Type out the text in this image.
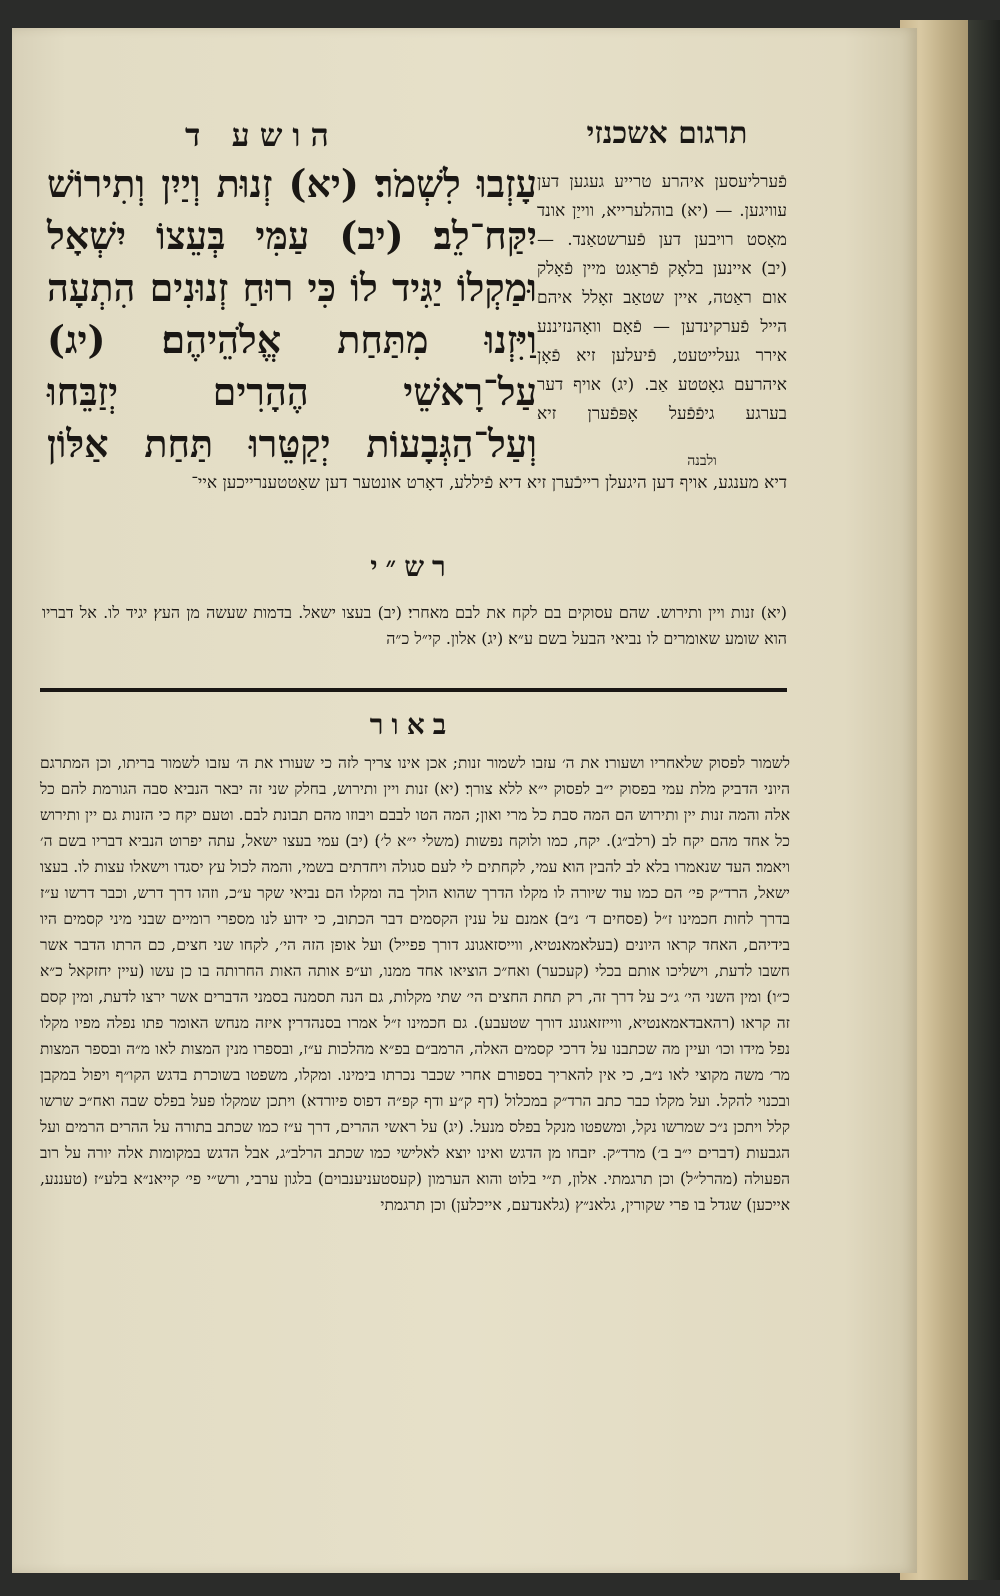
הושע ד	תרגום אשכנזי
עָזְבוּ לִשְׁמֹר׃ (יא) זְנוּת וְיַיִן וְתִירוֹשׁ יִקַּח־לֵב׃ (יב) עַמִּי בְּעֵצוֹ יִשְׁאָל וּמַקְלוֹ יַגִּיד לוֹ כִּי רוּחַ זְנוּנִים הִתְעָה וַיִּזְנוּ מִתַּחַת אֱלֹהֵיהֶם׃ (יג) עַל־רָאשֵׁי הֶהָרִים יְזַבֵּחוּ וְעַל־הַגְּבָעוֹת יְקַטֵּרוּ תַּחַת אַלּוֹן
פֿערליעסען איהרע טרייע געגען דען עוויגען. — (יא) בוהלערייא, ווייַן אונד מאָסט רויבען דען פֿערשטאַנד. — (יב) איינען בלאָק פֿראַגט מיין פֿאָלק אום ראַטה, איין שטאַב זאָלל איהם הייל פֿערקינדען — פֿאָם וואָהנזיננע אירר געלייטעט, פֿיעלען זיא פֿאָן איהרעם גאָטטע אַב. (יג) אויף דער בערגע גיפֿפֿעל אָפּפֿערן זיא
ולבנה
דיא מענגע, אויף דען היגעלן רייכֿערן זיא דיא פֿיללע, דאָרט אונטער דען שאַטטענרייכען איי־
רש״י
(יא) זנות ויין ותירוש. שהם עסוקים בם לקח את לבם מאחרי׃ (יב) בעצו ישאל. בדמות שעשה מן העץ׃ יגיד לו. אל דבריו הוא שומע שאומרים לו נביאי הבעל בשם ע״א׃ (יג) אלון. קי״ל כ״ה
באור
לשמור לפסוק שלאחריו ושעורו׃ את ה׳ עזבו לשמור זנות; אכן אינו צריך לזה כי שעורו׃ את ה׳ עזבו לשמור בריתו, וכן המתרגם היוני הדביק מלת עמי בפסוק י״ב לפסוק י״א ללא צורך׃ (יא) זנות ויין ותירוש, בחלק שני זה יבאר הנביא סבה הגורמת להם כל אלה והמה זנות יין ותירוש הם המה סבת כל מרי ואון; המה הטו לבבם ויבוזו מהם תבונת לבם. וטעם יקח כי הזנות גם יין ותירוש כל אחד מהם יקח לב (רלב״ג). יקח, כמו ולוקח נפשות (משלי י״א ל׳)׃ (יב) עמי בעצו ישאל, עתה יפרוט הנביא דבריו בשם ה׳ ויאמר׃ העד שנאמרו בלא לב להבין הוא׃ עמי, לקחתים לי לעם סגולה ויחדתים בשמי, והמה לכול עץ יסגדו וישאלו עצות לו. בעצו ישאל, הרד״ק פי׳ הם כמו עוד שיורה לו מקלו הדרך שהוא הולך בה ומקלו הם נביאי שקר ע״כ, וזהו דרך דרש, וכבר דרשו ע״ז בדרך לחות חכמינו ז״ל (פסחים ד׳ נ״ב)׃ אמנם על ענין הקסמים דבר הכתוב, כי ידוע לנו מספרי רומיים שבני מיני קסמים היו בידיהם, האחד קראו היונים (בעלאמאנטיא, ווייסזאגונג דורך פפייל) ועל אופן הזה הי׳, לקחו שני חצים, כם הרתו הדבר אשר חשבו לדעת, וישליכו אותם בכלי (קעכער) ואח״כ הוציאו אחד ממנו, וע״פ אותה האות החרותה בו כן עשו (עיין יחזקאל כ״א כ״ו)׃ ומין השני הי׳ ג״כ על דרך זה, רק תחת החצים הי׳ שתי מקלות, גם הנה תסמנה בסמני הדברים אשר ירצו לדעת, ומין קסם זה קראו (רהאבדאמאנטיא, ווייזזאגונג דורך שטעבע). גם חכמינו ז״ל אמרו בסנהדרין׃ איזה מנחש האומר פתו נפלה מפיו מקלו נפל מידו וכו׳ ועיין מה שכתבנו על דרכי קסמים האלה, הרמב״ם בפ״א מהלכות ע״ז, ובספרו מנין המצות לאו מ״ה ובספר המצות מר׳ משה מקוצי לאו נ״ב, כי אין להאריך בספורם אחרי שכבר נכרתו בימינו. ומקלו, משפטו בשוכרת בדגש הקו״ף ויפול במקבן ובכנוי להקל. ועל מקלו כבר כתב הרד״ק במכלול (דף ק״ע ודף קפ״ה דפוס פיורדא) ויתכן שמקלו פעל בפלס שבה ואח״כ שרשו קלל ויתכן נ״כ שמרשו נקל, ומשפטו מנקל בפלס מנעל. (יג) על ראשי ההרים, דרך ע״ז כמו שכתב בתורה על ההרים הרמים ועל הגבעות (דברים י״ב ב׳) מרד״ק. יזבחו מן הדגש ואינו יוצא לאלישי כמו שכתב הרלב״ג, אבל הדגש במקומות אלה יורה על רוב הפעולה (מהרל״ל) וכן תרגמתי. אלון, ת״י בלוט והוא הערמון (קעסטעניענבוים) בלגון ערבי, ורש״י פי׳ קייאנ״א בלע״ז (טעננע, אייכען) שגדל בו פרי שקורין, גלאנ״ץ (גלאנדעם, אייכלען) וכן תרגמתי
